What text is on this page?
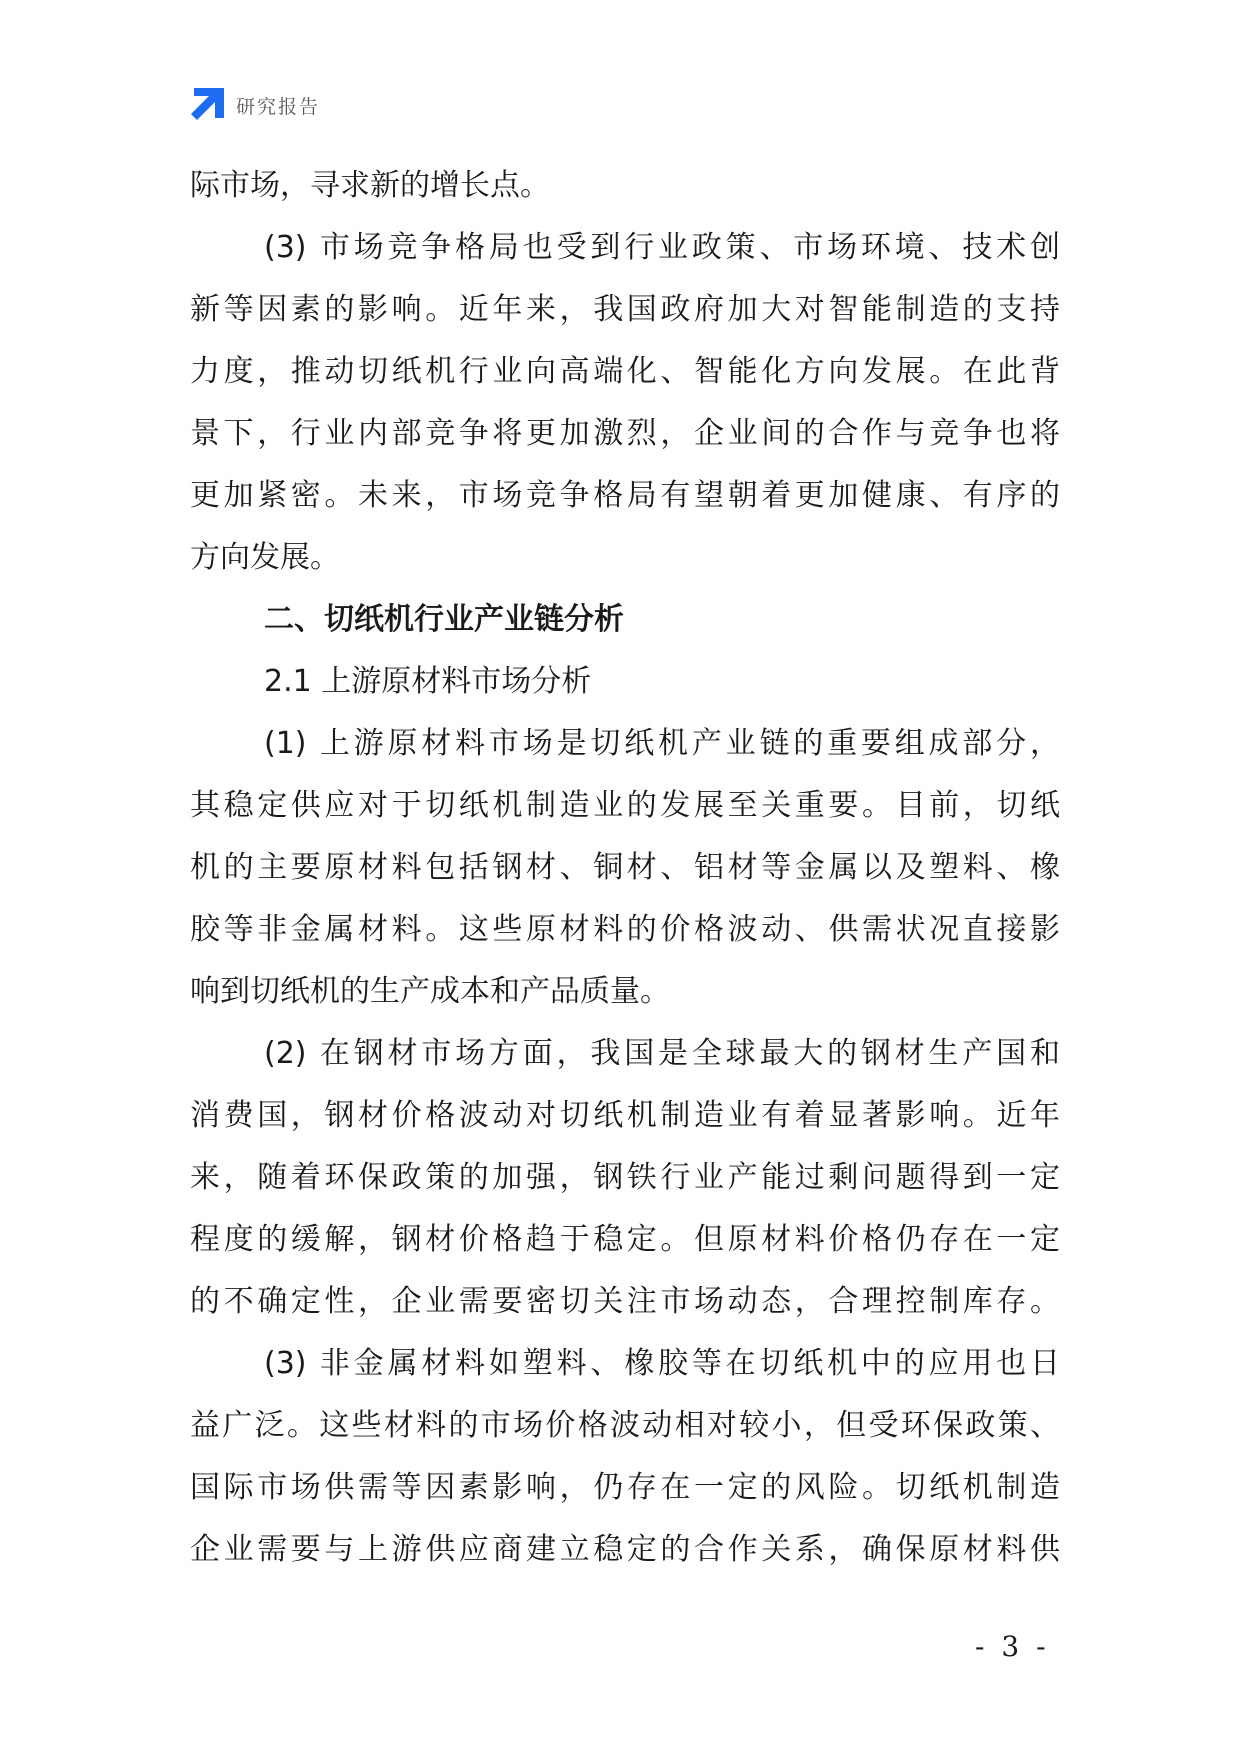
研究报告
际市场，寻求新的增长点。
(3) 市场竞争格局也受到行业政策、市场环境、技术创
新等因素的影响。近年来，我国政府加大对智能制造的支持
力度，推动切纸机行业向高端化、智能化方向发展。在此背
景下，行业内部竞争将更加激烈，企业间的合作与竞争也将
更加紧密。未来，市场竞争格局有望朝着更加健康、有序的
方向发展。
二、切纸机行业产业链分析
2.1 上游原材料市场分析
(1) 上游原材料市场是切纸机产业链的重要组成部分，
其稳定供应对于切纸机制造业的发展至关重要。目前，切纸
机的主要原材料包括钢材、铜材、铝材等金属以及塑料、橡
胶等非金属材料。这些原材料的价格波动、供需状况直接影
响到切纸机的生产成本和产品质量。
(2) 在钢材市场方面，我国是全球最大的钢材生产国和
消费国，钢材价格波动对切纸机制造业有着显著影响。近年
来，随着环保政策的加强，钢铁行业产能过剩问题得到一定
程度的缓解，钢材价格趋于稳定。但原材料价格仍存在一定
的不确定性，企业需要密切关注市场动态，合理控制库存。
(3) 非金属材料如塑料、橡胶等在切纸机中的应用也日
益广泛。这些材料的市场价格波动相对较小，但受环保政策、
国际市场供需等因素影响，仍存在一定的风险。切纸机制造
企业需要与上游供应商建立稳定的合作关系，确保原材料供
- 3 -
